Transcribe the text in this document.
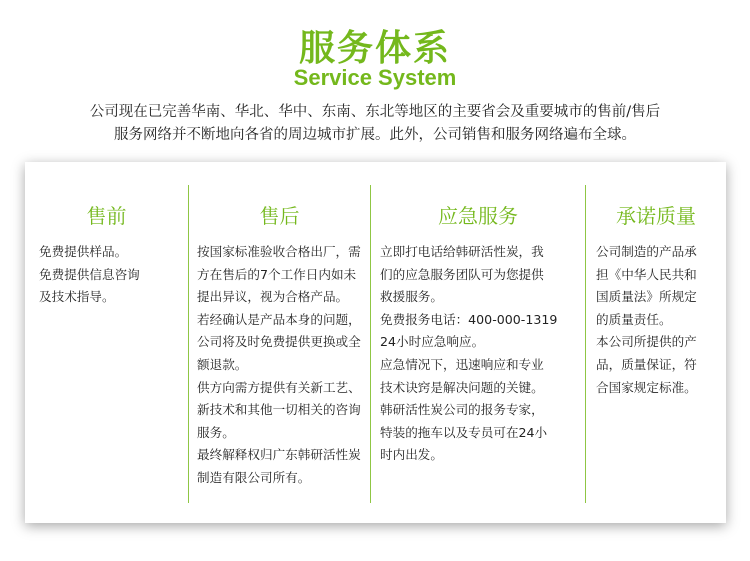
服务体系
Service System
公司现在已完善华南、华北、华中、东南、东北等地区的主要省会及重要城市的售前/售后
服务网络并不断地向各省的周边城市扩展。此外，公司销售和服务网络遍布全球。
售前

免费提供样品。

免费提供信息咨询

及技术指导。

售后

按国家标准验收合格出厂，需

方在售后的7个工作日内如未

提出异议，视为合格产品。

若经确认是产品本身的问题，

公司将及时免费提供更换或全

额退款。

供方向需方提供有关新工艺、

新技术和其他一切相关的咨询

服务。

最终解释权归广东韩研活性炭

制造有限公司所有。

应急服务

立即打电话给韩研活性炭，我

们的应急服务团队可为您提供

救援服务。

免费报务电话：400-000-1319

24小时应急响应。

应急情况下，迅速响应和专业

技术诀窍是解决问题的关键。

韩研活性炭公司的报务专家，

特装的拖车以及专员可在24小

时内出发。

承诺质量

公司制造的产品承

担《中华人民共和

国质量法》所规定

的质量责任。

本公司所提供的产

品，质量保证，符

合国家规定标准。
